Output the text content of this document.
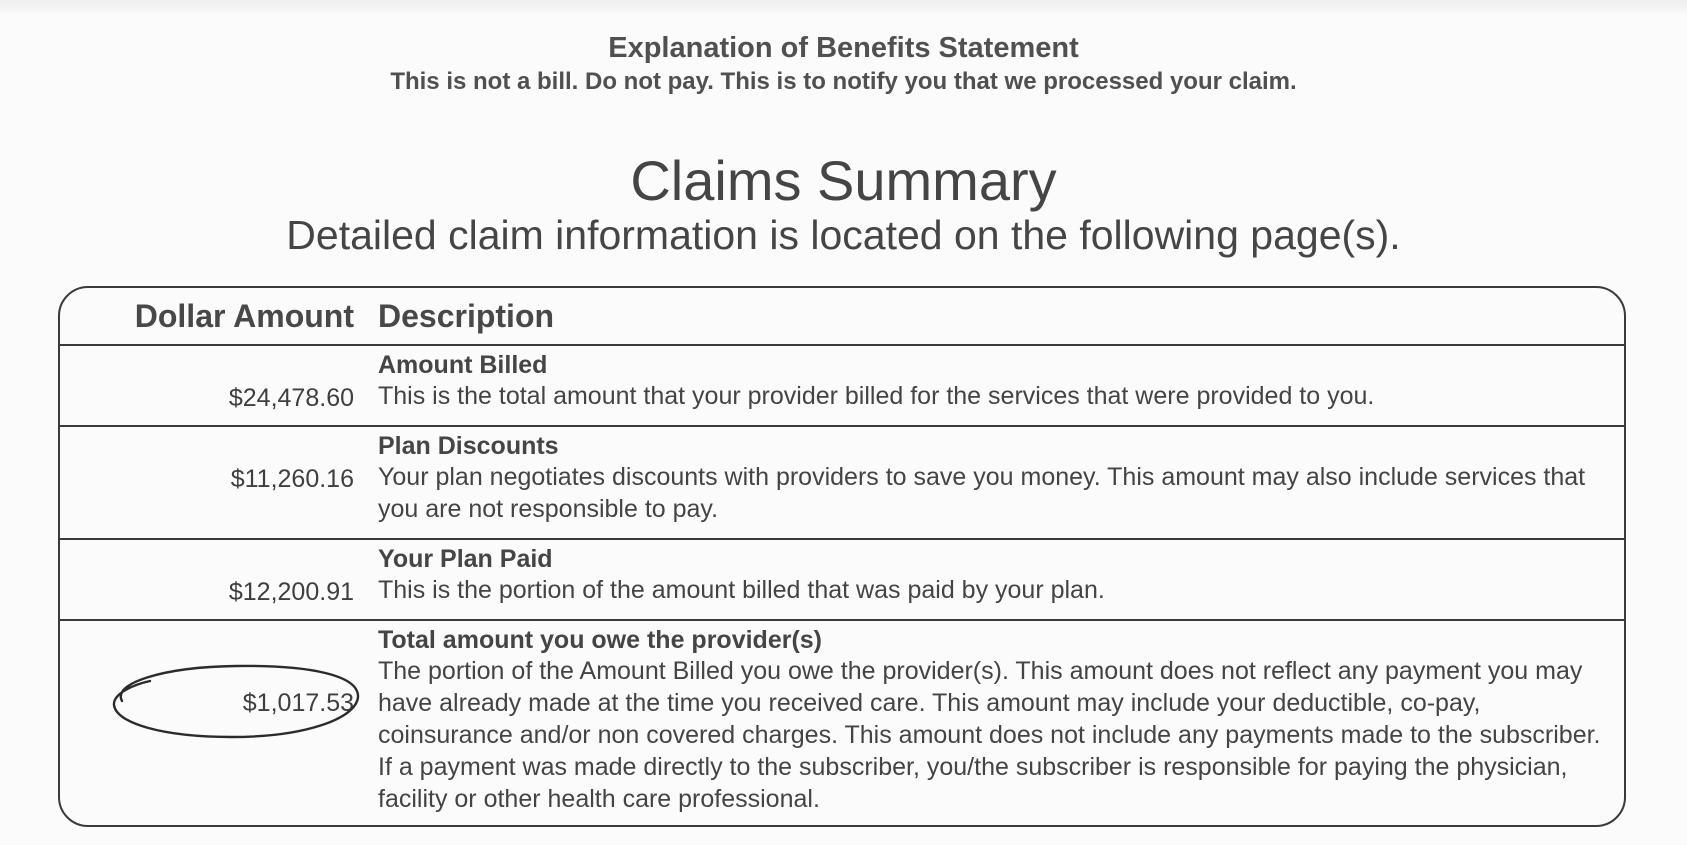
Explanation of Benefits Statement
This is not a bill. Do not pay. This is to notify you that we processed your claim.
Claims Summary
Detailed claim information is located on the following page(s).
Dollar Amount Description
$24,478.60
Amount Billed
This is the total amount that your provider billed for the services that were provided to you.
$11,260.16
Plan Discounts
Your plan negotiates discounts with providers to save you money. This amount may also include services that you are not responsible to pay.
$12,200.91
Your Plan Paid
This is the portion of the amount billed that was paid by your plan.
$1,017.53
Total amount you owe the provider(s)
The portion of the Amount Billed you owe the provider(s). This amount does not reflect any payment you may have already made at the time you received care. This amount may include your deductible, co-pay, coinsurance and/or non covered charges. This amount does not include any payments made to the subscriber. If a payment was made directly to the subscriber, you/the subscriber is responsible for paying the physician, facility or other health care professional.
